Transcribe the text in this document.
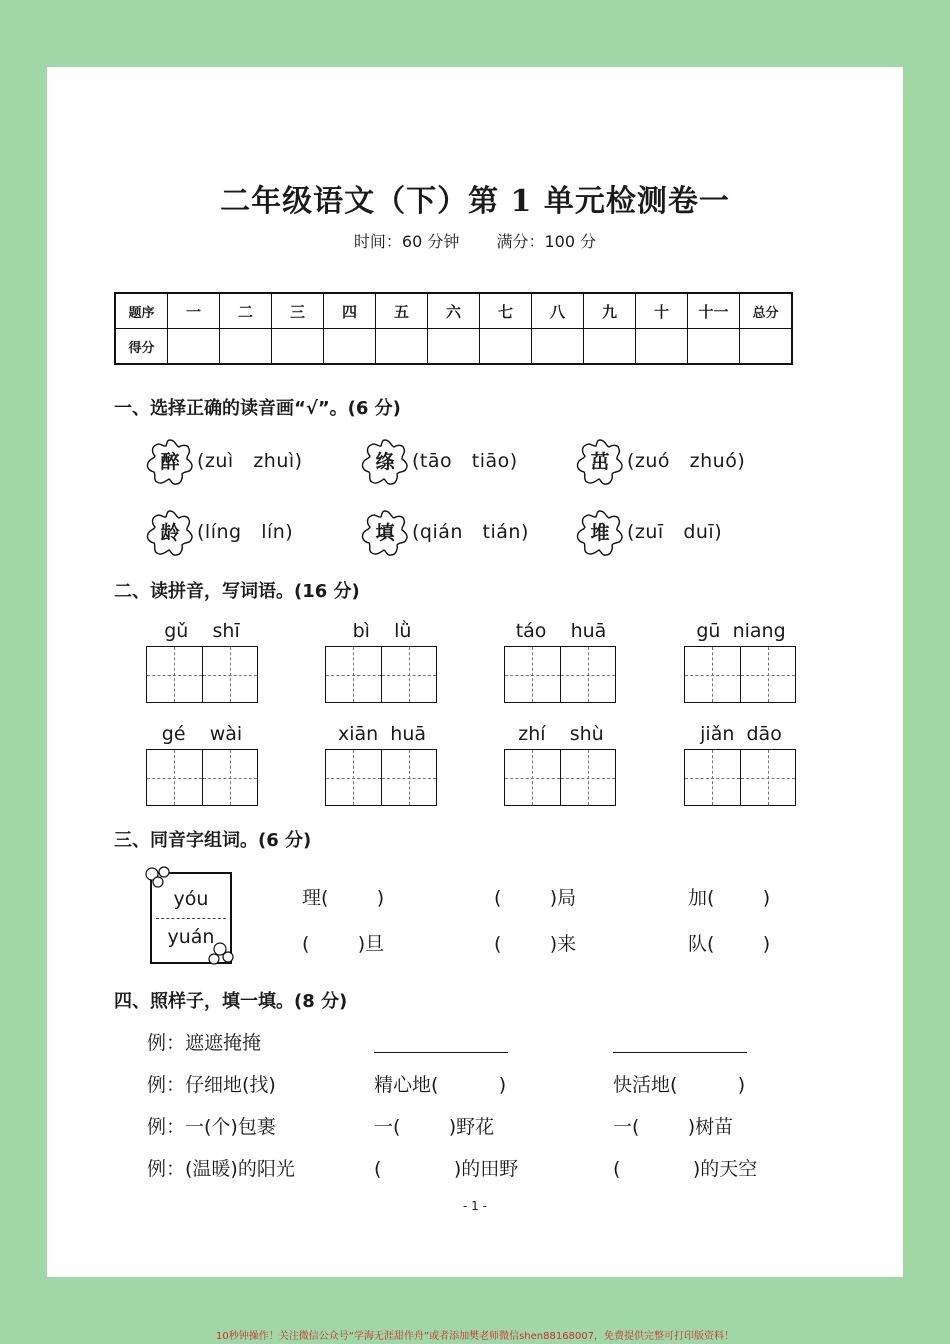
二年级语文（下）第 1 单元检测卷一
时间：60 分钟 满分：100 分
题序	一	二	三	四	五	六	七	八	九	十	十一	总分
得分												
一、选择正确的读音画“√”。(6 分)
醉 (zuì   zhuì)	绦 (tāo   tiāo)	茁 (zuó   zhuó)
龄 (líng   lín)	填 (qián   tián)	堆 (zuī   duī)
二、读拼音，写词语。(16 分)
gǔ shī	bì lǜ	táo huā	gū niang
gé wài	xiān huā	zhí shù	jiǎn dāo
三、同音字组词。(6 分)
yóu
yuán
理(        )	(        )局	加(        )
(        )旦	(        )来	队(        )
四、照样子，填一填。(8 分)
例：遮遮掩掩
例：仔细地(找)	精心地(          )	快活地(          )
例：一(个)包裹	一(        )野花	一(        )树苗
例：(温暖)的阳光	(            )的田野	(            )的天空
- 1 -
10秒钟操作！关注微信公众号“学海无涯甜作舟”或者添加樊老师微信shen88168007，免费提供完整可打印版资料！
